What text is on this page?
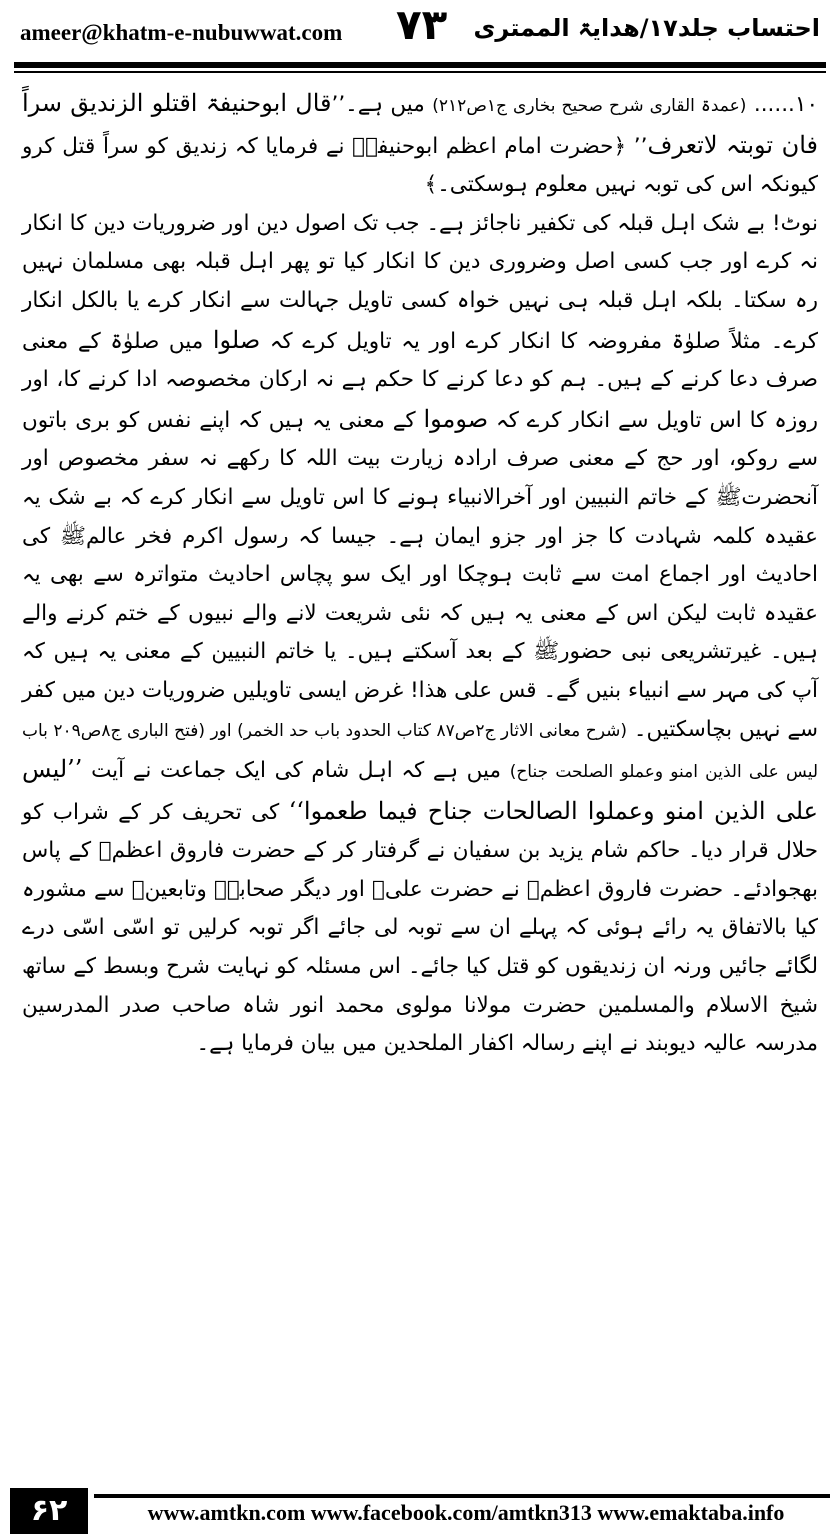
ameer@khatm-e-nubuwwat.com ۷۳ احتساب جلد۱۷/ھدایۃ الممتری

۱۰...... (عمدۃ القاری شرح صحیح بخاری ج۱ص۲۱۲) میں ہے۔’’قال ابوحنیفۃ اقتلو الزندیق سراً فان توبتہ لاتعرف’’ ﴿حضرت امام اعظم ابوحنیفہؒ نے فرمایا کہ زندیق کو سراً قتل کرو کیونکہ اس کی توبہ نہیں معلوم ہوسکتی۔﴾

نوٹ! بے شک اہل قبلہ کی تکفیر ناجائز ہے۔ جب تک اصول دین اور ضروریات دین کا انکار نہ کرے اور جب کسی اصل وضروری دین کا انکار کیا تو پھر اہل قبلہ بھی مسلمان نہیں رہ سکتا۔ بلکہ اہل قبلہ ہی نہیں خواہ کسی تاویل جہالت سے انکار کرے یا بالکل انکار کرے۔ مثلاً صلوٰۃ مفروضہ کا انکار کرے اور یہ تاویل کرے کہ صلوا میں صلوٰۃ کے معنی صرف دعا کرنے کے ہیں۔ ہم کو دعا کرنے کا حکم ہے نہ ارکان مخصوصہ ادا کرنے کا، اور روزہ کا اس تاویل سے انکار کرے کہ صوموا کے معنی یہ ہیں کہ اپنے نفس کو بری باتوں سے روکو، اور حج کے معنی صرف ارادہ زیارت بیت اللہ کا رکھے نہ سفر مخصوص اور آنحضرتﷺ کے خاتم النبیین اور آخرالانبیاء ہونے کا اس تاویل سے انکار کرے کہ بے شک یہ عقیدہ کلمہ شہادت کا جز اور جزو ایمان ہے۔ جیسا کہ رسول اکرم فخر عالمﷺ کی احادیث اور اجماع امت سے ثابت ہوچکا اور ایک سو پچاس احادیث متواترہ سے بھی یہ عقیدہ ثابت لیکن اس کے معنی یہ ہیں کہ نئی شریعت لانے والے نبیوں کے ختم کرنے والے ہیں۔ غیرتشریعی نبی حضورﷺ کے بعد آسکتے ہیں۔ یا خاتم النبیین کے معنی یہ ہیں کہ آپ کی مہر سے انبیاء بنیں گے۔ قس علی ھذا! غرض ایسی تاویلیں ضروریات دین میں کفر سے نہیں بچاسکتیں۔ (شرح معانی الاثار ج۲ص۸۷ کتاب الحدود باب حد الخمر) اور (فتح الباری ج۸ص۲۰۹ باب لیس علی الذین امنو وعملو الصلحت جناح) میں ہے کہ اہل شام کی ایک جماعت نے آیت ’’لیس علی الذین امنو وعملوا الصالحات جناح فیما طعموا‘‘ کی تحریف کر کے شراب کو حلال قرار دیا۔ حاکم شام یزید بن سفیان نے گرفتار کر کے حضرت فاروق اعظمؓ کے پاس بھجوادئے۔ حضرت فاروق اعظمؓ نے حضرت علیؓ اور دیگر صحابہؓ وتابعینؒ سے مشورہ کیا بالاتفاق یہ رائے ہوئی کہ پہلے ان سے توبہ لی جائے اگر توبہ کرلیں تو اسّی اسّی درے لگائے جائیں ورنہ ان زندیقوں کو قتل کیا جائے۔ اس مسئلہ کو نہایت شرح وبسط کے ساتھ شیخ الاسلام والمسلمین حضرت مولانا مولوی محمد انور شاہ صاحب صدر المدرسین مدرسہ عالیہ دیوبند نے اپنے رسالہ اکفار الملحدین میں بیان فرمایا ہے۔

۶۲	www.amtkn.com www.facebook.com/amtkn313 www.emaktaba.info
